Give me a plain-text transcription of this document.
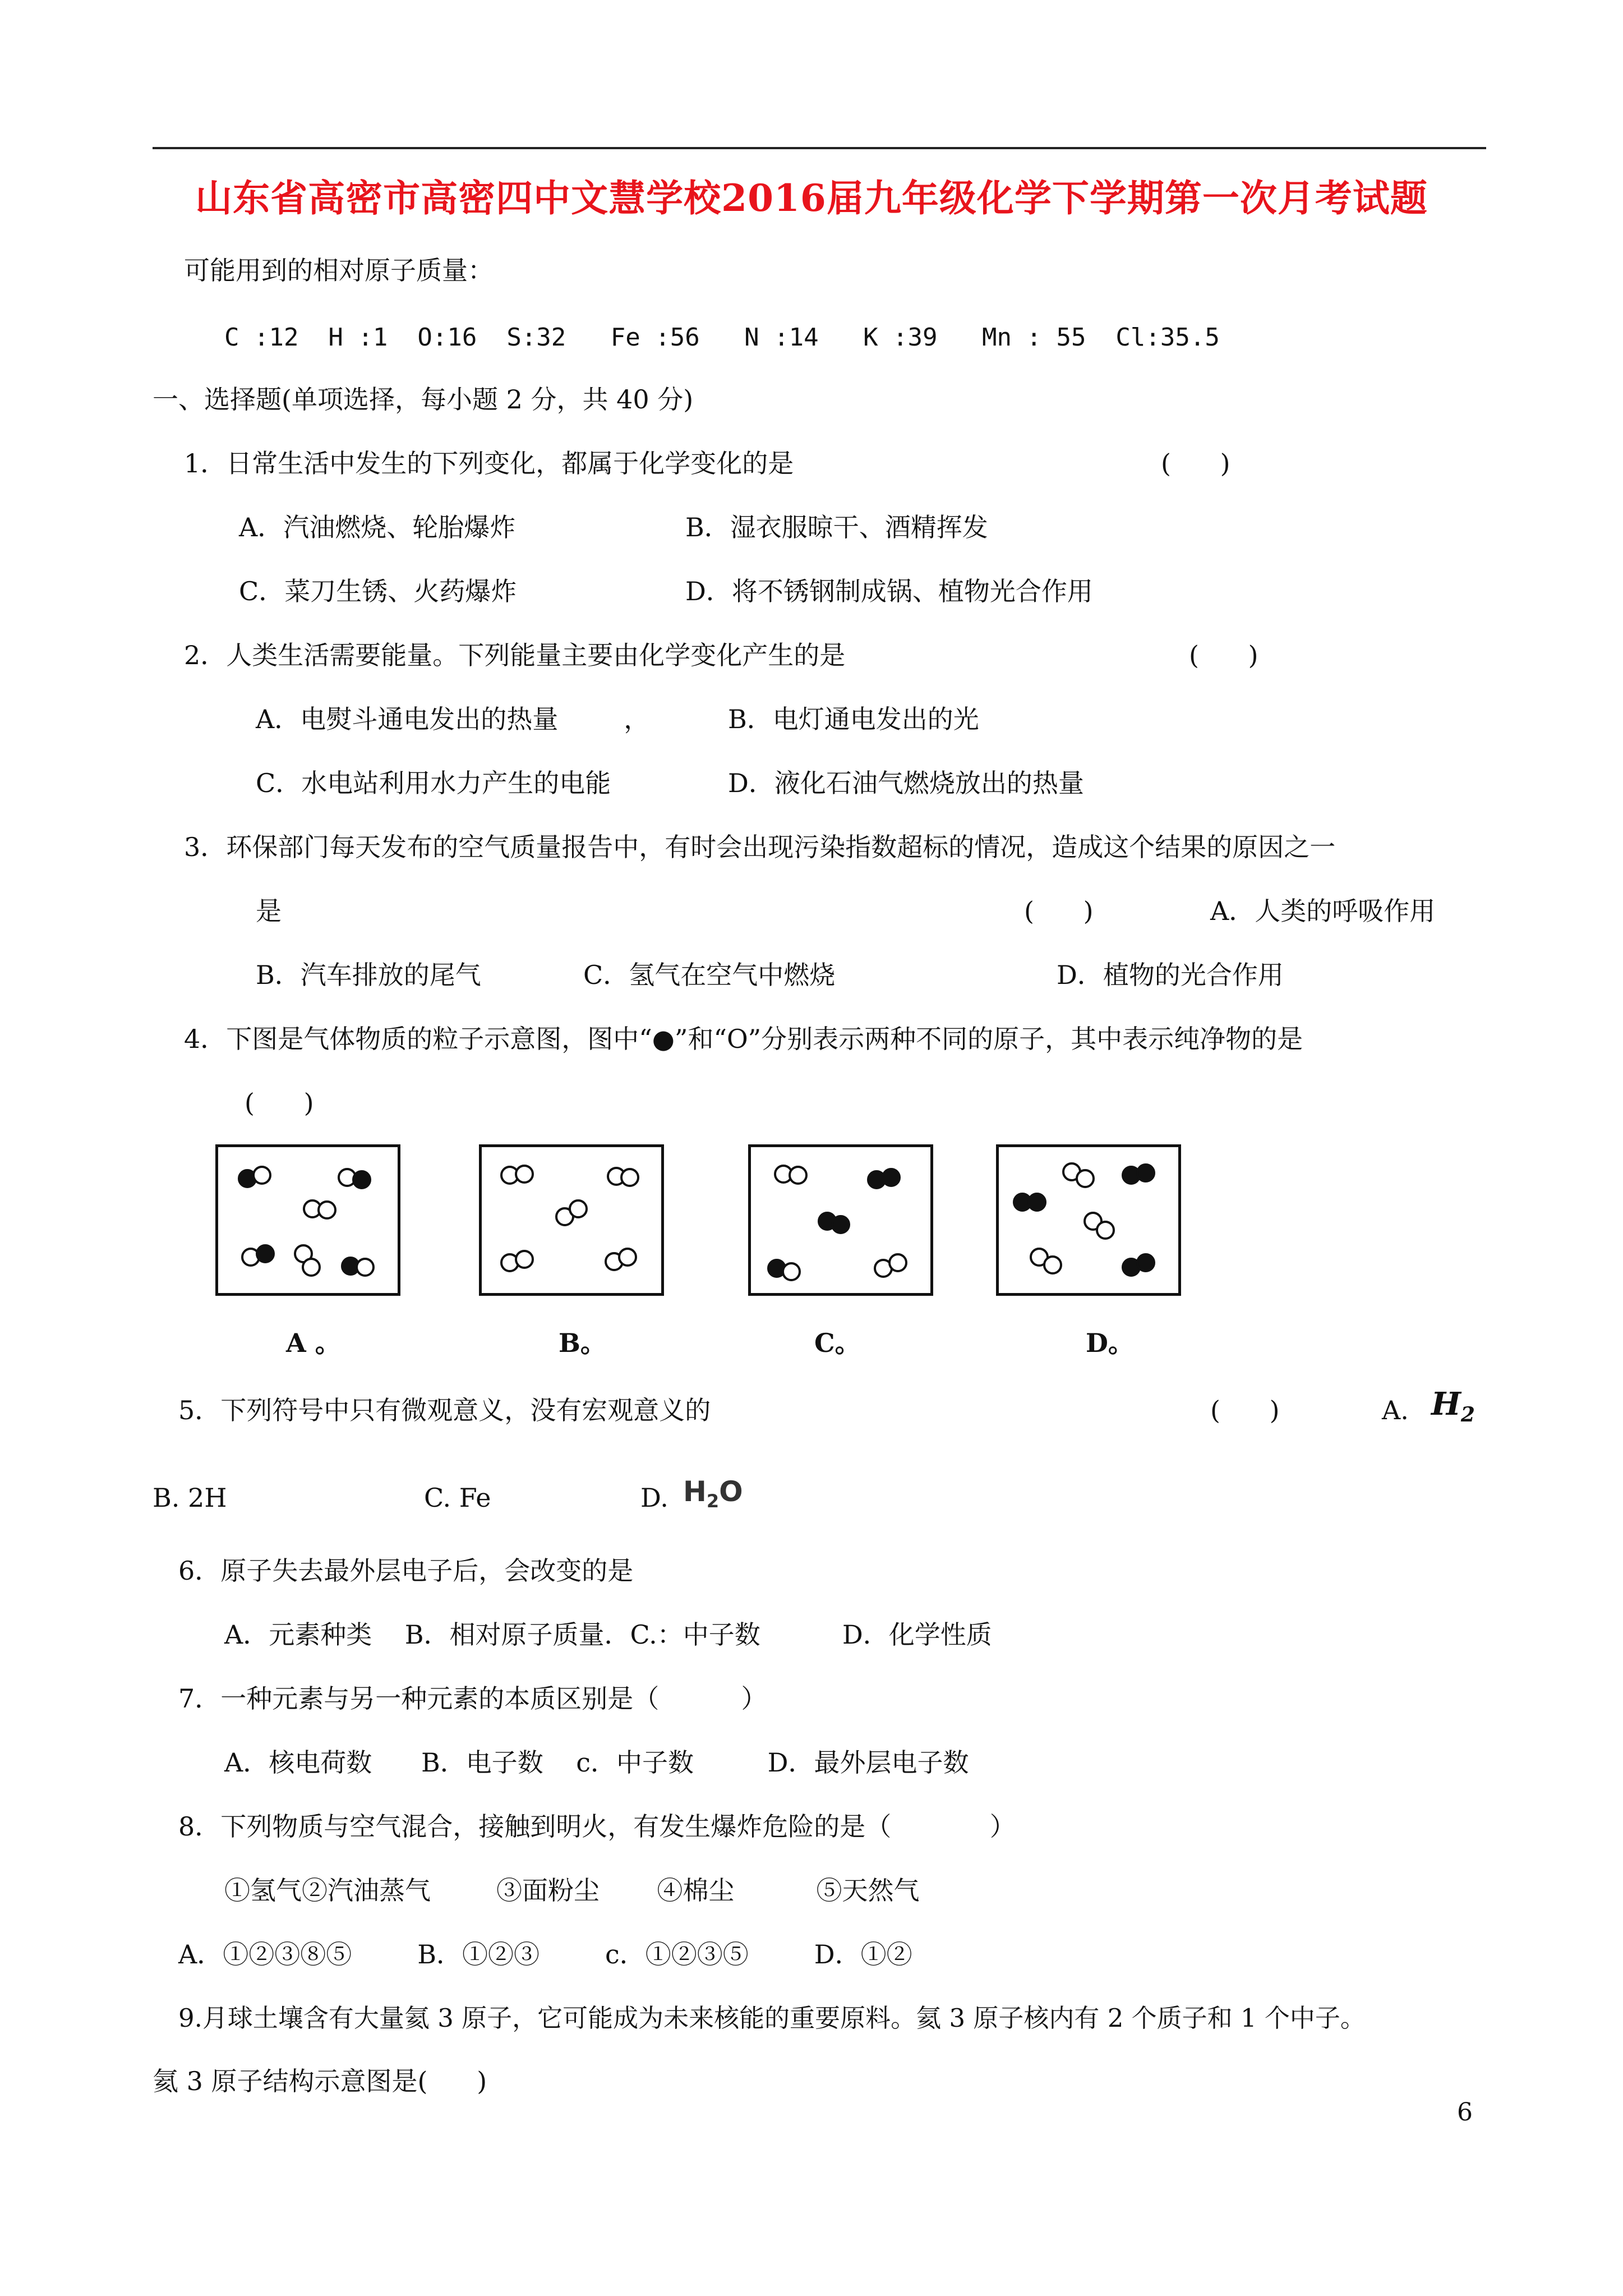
山东省高密市高密四中文慧学校2016届九年级化学下学期第一次月考试题
可能用到的相对原子质量：
C :12  H :1  O:16  S:32   Fe :56   N :14   K :39   Mn : 55  Cl:35.5
一、选择题(单项选择，每小题 2 分，共 40 分)
1．日常生活中发生的下列变化，都属于化学变化的是	(      )
A．汽油燃烧、轮胎爆炸	B．湿衣服晾干、酒精挥发
C．菜刀生锈、火药爆炸	D．将不锈钢制成锅、植物光合作用
2．人类生活需要能量。下列能量主要由化学变化产生的是	(      )
A．电熨斗通电发出的热量        ，	B．电灯通电发出的光
C．水电站利用水力产生的电能	D．液化石油气燃烧放出的热量
3．环保部门每天发布的空气质量报告中，有时会出现污染指数超标的情况，造成这个结果的原因之一
是	(      )	A．人类的呼吸作用
B．汽车排放的尾气	C．氢气在空气中燃烧	D．植物的光合作用
4．下图是气体物质的粒子示意图，图中“●”和“O”分别表示两种不同的原子，其中表示纯净物的是
(      )
A 。	B。	C。	D。
5．下列符号中只有微观意义，没有宏观意义的	(      )	A. $H_2$
B. 2H	C. Fe	D. $H_2O$
6．原子失去最外层电子后，会改变的是
A．元素种类    B．相对原子质量．C.：中子数          D．化学性质
7．一种元素与另一种元素的本质区别是（          ）
A．核电荷数      B．电子数    c．中子数         D．最外层电子数
8．下列物质与空气混合，接触到明火，有发生爆炸危险的是（            ）
①氢气②汽油蒸气        ③面粉尘       ④棉尘          ⑤天然气
A．①②③⑧⑤        B．①②③        c．①②③⑤        D．①②
9.月球土壤含有大量氦 3 原子，它可能成为未来核能的重要原料。氦 3 原子核内有 2 个质子和 1 个中子。
氦 3 原子结构示意图是(      )
6
